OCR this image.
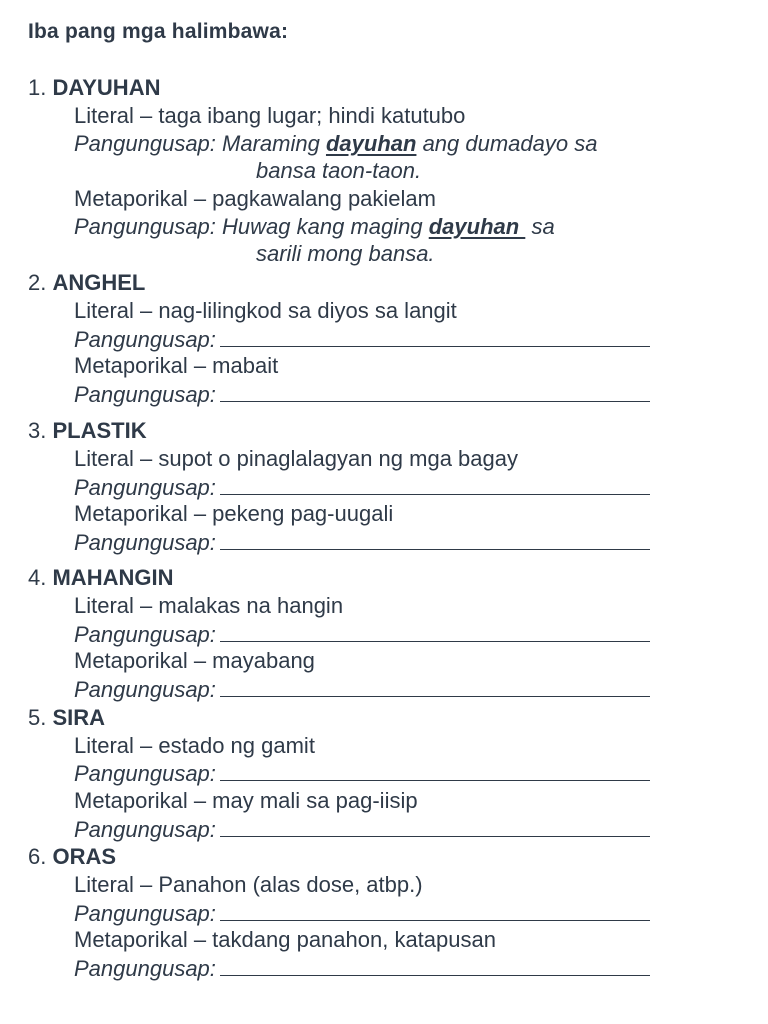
Iba pang mga halimbawa:
1. DAYUHAN
Literal – taga ibang lugar; hindi katutubo
Pangungusap: Maraming dayuhan ang dumadayo sa
bansa taon-taon.
Metaporikal – pagkawalang pakielam
Pangungusap: Huwag kang maging dayuhan  sa
sarili mong bansa.
2. ANGHEL
Literal – nag-lilingkod sa diyos sa langit
Pangungusap:
Metaporikal – mabait
Pangungusap:
3. PLASTIK
Literal – supot o pinaglalagyan ng mga bagay
Pangungusap:
Metaporikal – pekeng pag-uugali
Pangungusap:
4. MAHANGIN
Literal – malakas na hangin
Pangungusap:
Metaporikal – mayabang
Pangungusap:
5. SIRA
Literal – estado ng gamit
Pangungusap:
Metaporikal – may mali sa pag-iisip
Pangungusap:
6. ORAS
Literal – Panahon (alas dose, atbp.)
Pangungusap:
Metaporikal – takdang panahon, katapusan
Pangungusap:
